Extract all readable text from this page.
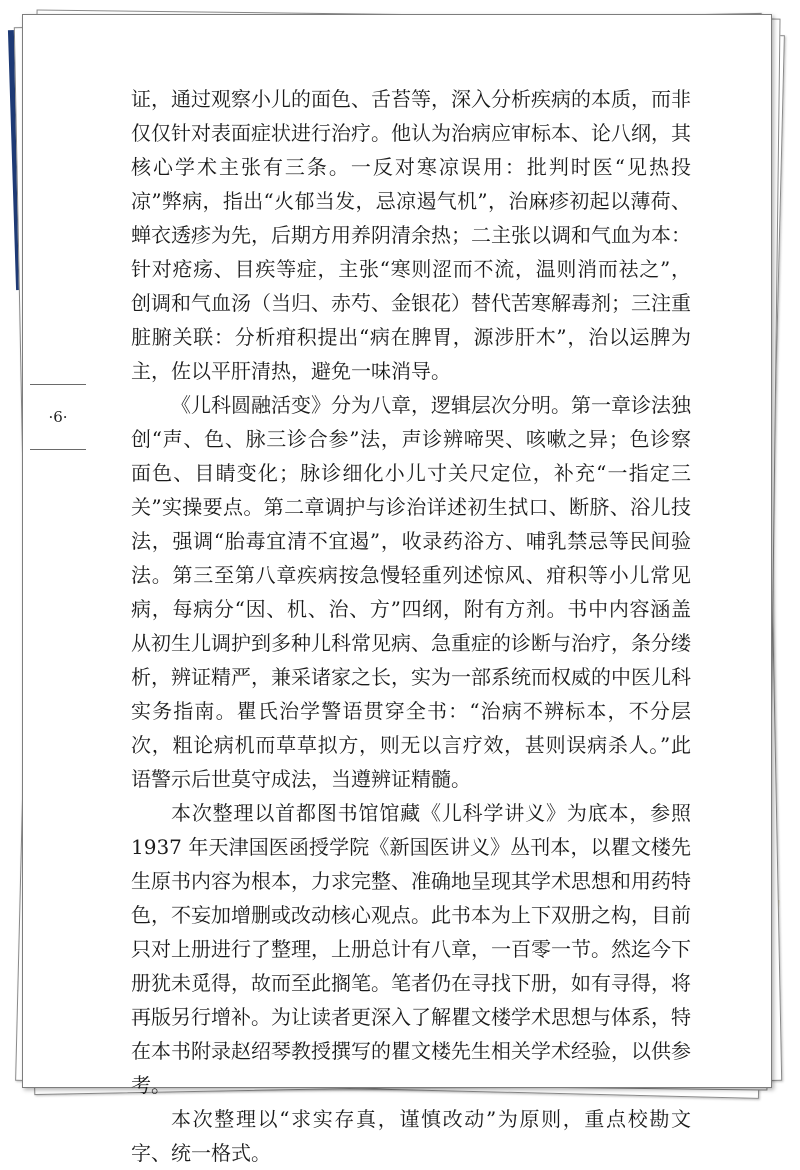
·6·

证，通过观察小儿的面色、舌苔等，深入分析疾病的本质，而非仅仅针对表面症状进行治疗。他认为治病应审标本、论八纲，其核心学术主张有三条。一反对寒凉误用：批判时医“见热投凉”弊病，指出“火郁当发，忌凉遏气机”，治麻疹初起以薄荷、蝉衣透疹为先，后期方用养阴清余热；二主张以调和气血为本：针对疮疡、目疾等症，主张“寒则涩而不流，温则消而祛之”，创调和气血汤（当归、赤芍、金银花）替代苦寒解毒剂；三注重脏腑关联：分析疳积提出“病在脾胃，源涉肝木”，治以运脾为主，佐以平肝清热，避免一味消导。

《儿科圆融活变》分为八章，逻辑层次分明。第一章诊法独创“声、色、脉三诊合参”法，声诊辨啼哭、咳嗽之异；色诊察面色、目睛变化；脉诊细化小儿寸关尺定位，补充“一指定三关”实操要点。第二章调护与诊治详述初生拭口、断脐、浴儿技法，强调“胎毒宜清不宜遏”，收录药浴方、哺乳禁忌等民间验法。第三至第八章疾病按急慢轻重列述惊风、疳积等小儿常见病，每病分“因、机、治、方”四纲，附有方剂。书中内容涵盖从初生儿调护到多种儿科常见病、急重症的诊断与治疗，条分缕析，辨证精严，兼采诸家之长，实为一部系统而权威的中医儿科实务指南。瞿氏治学警语贯穿全书：“治病不辨标本，不分层次，粗论病机而草草拟方，则无以言疗效，甚则误病杀人。”此语警示后世莫守成法，当遵辨证精髓。

本次整理以首都图书馆馆藏《儿科学讲义》为底本，参照 1937 年天津国医函授学院《新国医讲义》丛刊本，以瞿文楼先生原书内容为根本，力求完整、准确地呈现其学术思想和用药特色，不妄加增删或改动核心观点。此书本为上下双册之构，目前只对上册进行了整理，上册总计有八章，一百零一节。然迄今下册犹未觅得，故而至此搁笔。笔者仍在寻找下册，如有寻得，将再版另行增补。为让读者更深入了解瞿文楼学术思想与体系，特在本书附录赵绍琴教授撰写的瞿文楼先生相关学术经验，以供参考。

本次整理以“求实存真，谨慎改动”为原则，重点校勘文字、统一格式。
